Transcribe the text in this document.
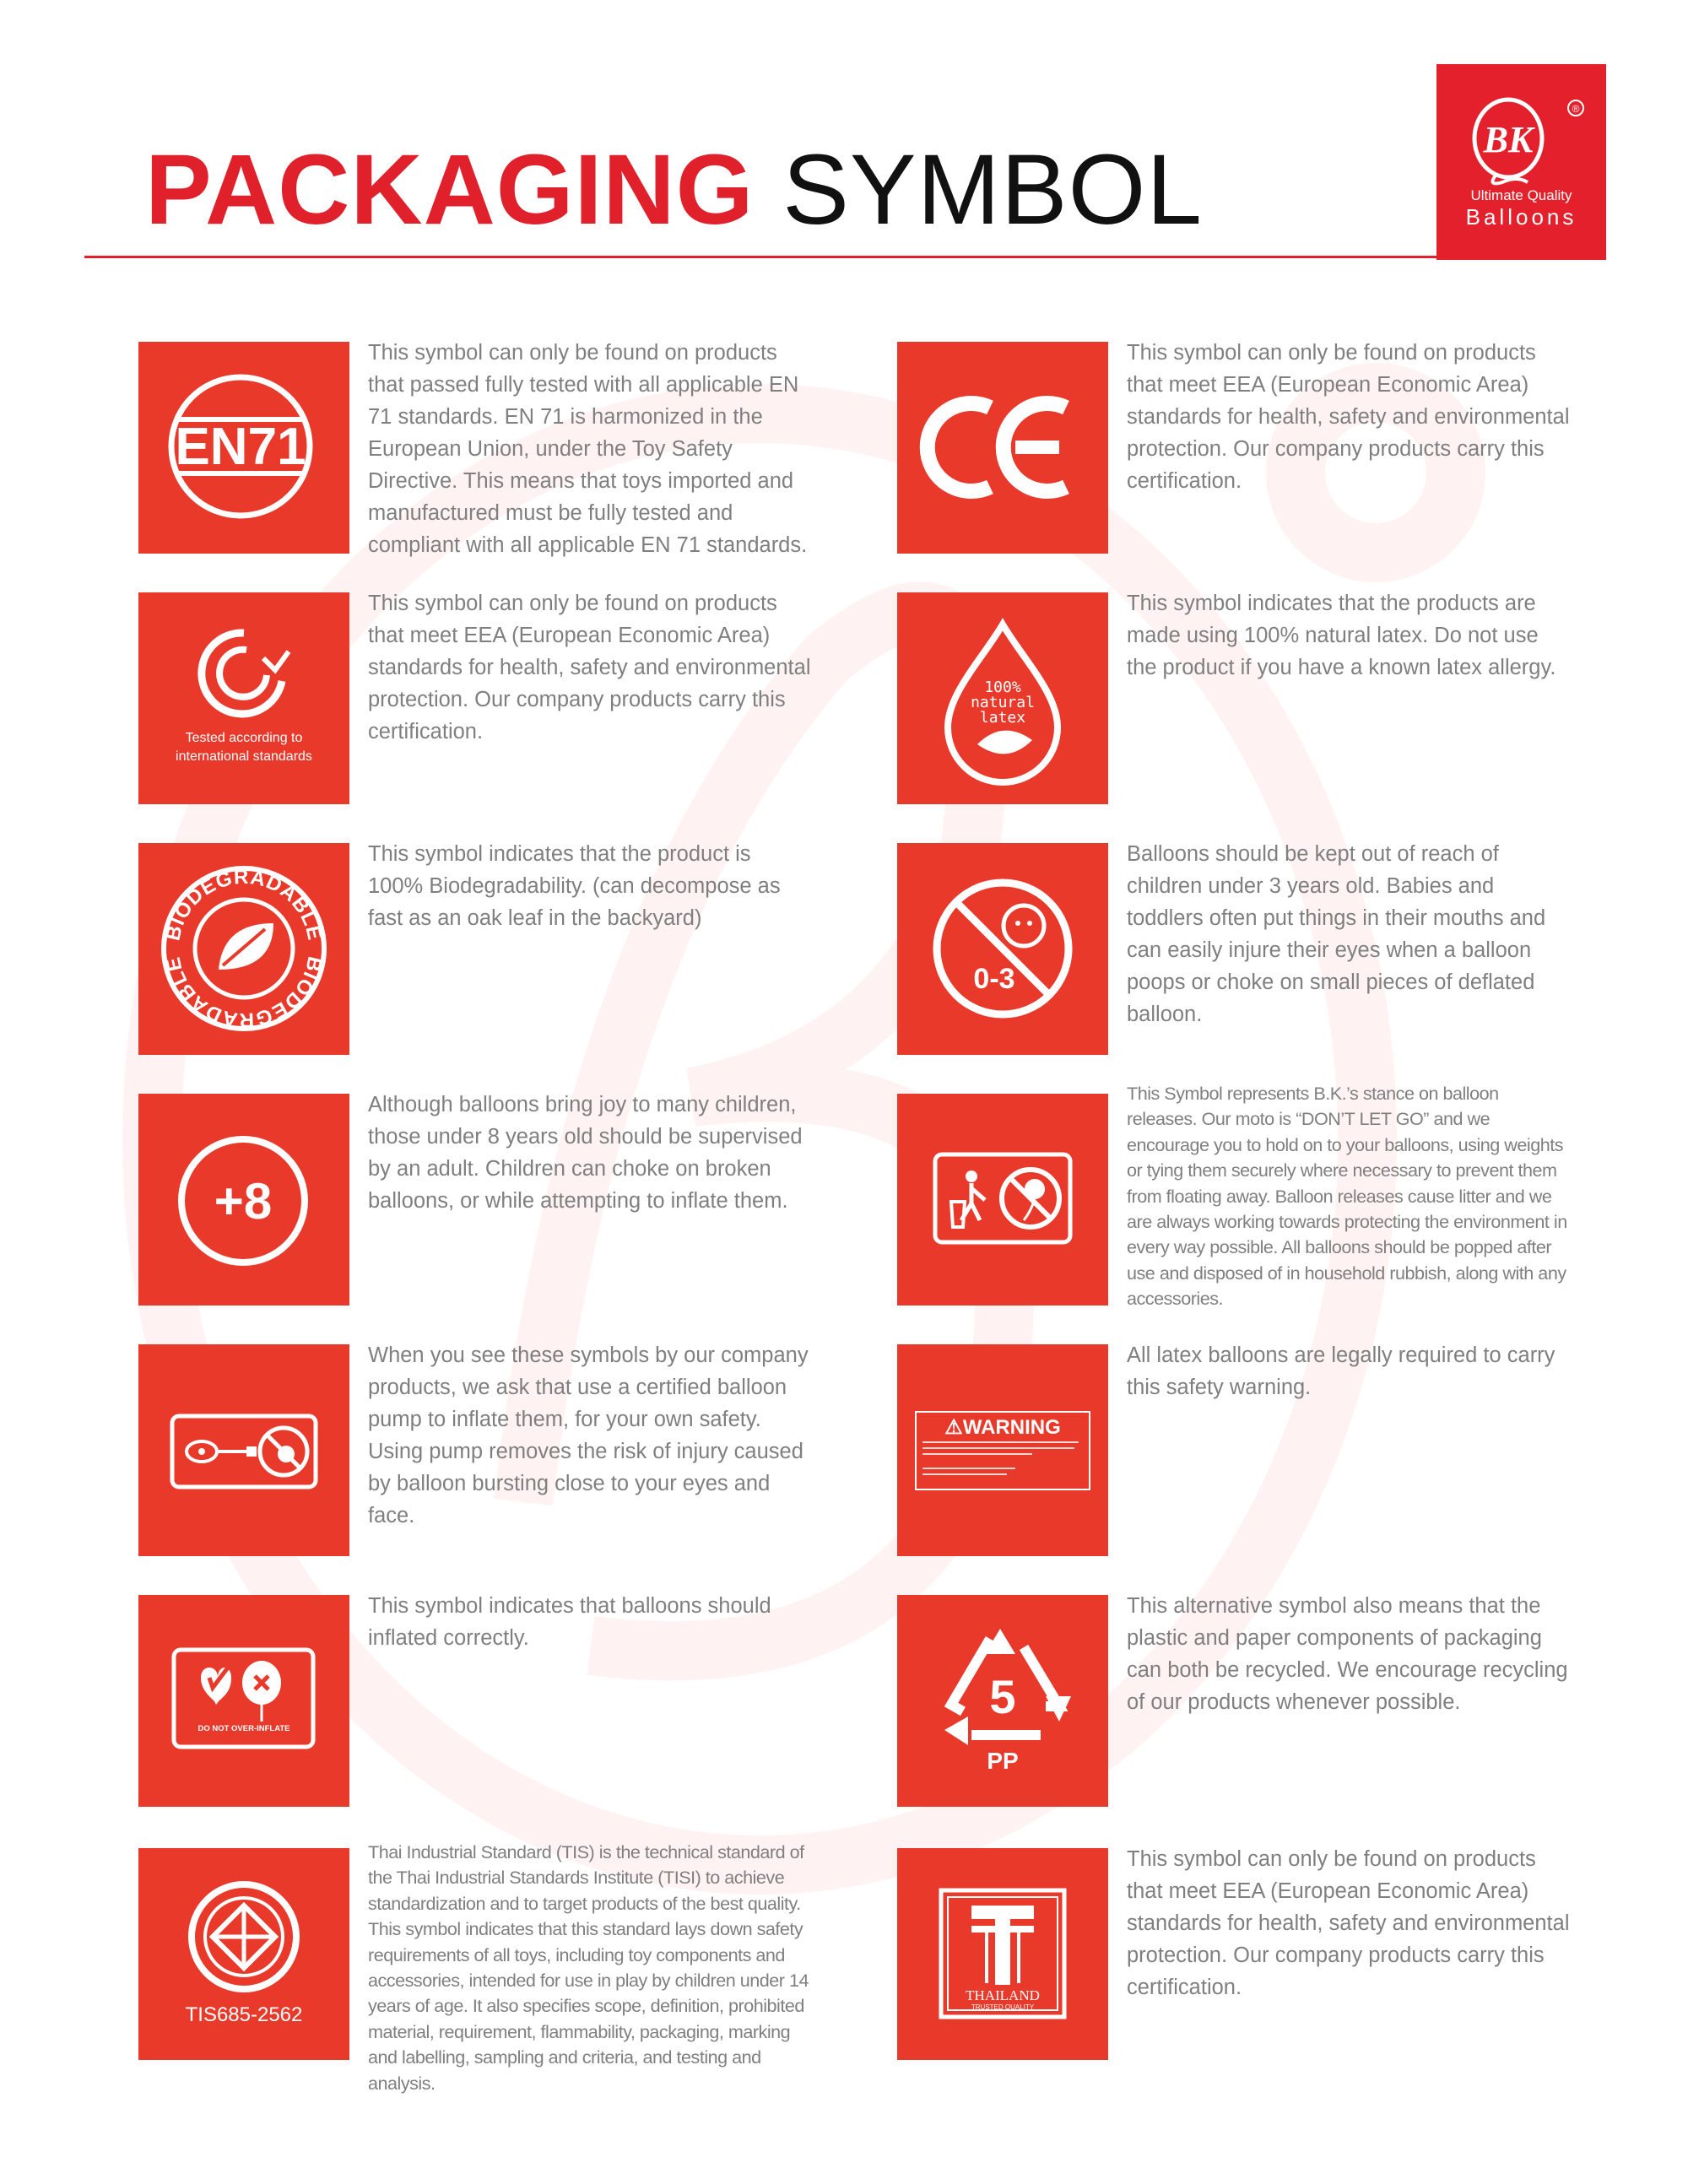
PACKAGING SYMBOL	BK
®
Ultimate Quality
Balloons
EN71

This symbol can only be found on products that passed fully tested with all applicable EN 71 standards. EN 71 is harmonized in the European Union, under the Toy Safety Directive. This means that toys imported and manufactured must be fully tested and compliant with all applicable EN 71 standards.

This symbol can only be found on products that meet EEA (European Economic Area) standards for health, safety and environmental protection. Our company products carry this certification.

Tested according to international standards

This symbol can only be found on products that meet EEA (European Economic Area) standards for health, safety and environmental protection. Our company products carry this certification.

100%
natural
latex

This symbol indicates that the products are made using 100% natural latex. Do not use the product if you have a known latex allergy.

BIODEGRADABLE
BIODEGRADABLE

This symbol indicates that the product is 100% Biodegradability. (can decompose as fast as an oak leaf in the backyard)

0-3

Balloons should be kept out of reach of children under 3 years old. Babies and toddlers often put things in their mouths and can easily injure their eyes when a balloon poops or choke on small pieces of deflated balloon.

+8

Although balloons bring joy to many children, those under 8 years old should be supervised by an adult. Children can choke on broken balloons, or while attempting to inflate them.

This Symbol represents B.K.’s stance on balloon releases. Our moto is “DON’T LET GO” and we encourage you to hold on to your balloons, using weights or tying them securely where necessary to prevent them from floating away. Balloon releases cause litter and we are always working towards protecting the environment in every way possible. All balloons should be popped after use and disposed of in household rubbish, along with any accessories.

When you see these symbols by our company products, we ask that use a certified balloon pump to inflate them, for your own safety. Using pump removes the risk of injury caused by balloon bursting close to your eyes and face.

⚠WARNING

All latex balloons are legally required to carry this safety warning.

DO NOT OVER-INFLATE

This symbol indicates that balloons should inflated correctly.

5
PP

This alternative symbol also means that the plastic and paper components of packaging can both be recycled. We encourage recycling of our products whenever possible.

TIS685-2562

Thai Industrial Standard (TIS) is the technical standard of the Thai Industrial Standards Institute (TISI) to achieve standardization and to target products of the best quality. This symbol indicates that this standard lays down safety requirements of all toys, including toy components and accessories, intended for use in play by children under 14 years of age. It also specifies scope, definition, prohibited material, requirement, flammability, packaging, marking and labelling, sampling and criteria, and testing and analysis.

THAILAND
TRUSTED QUALITY

This symbol can only be found on products that meet EEA (European Economic Area) standards for health, safety and environmental protection. Our company products carry this certification.
